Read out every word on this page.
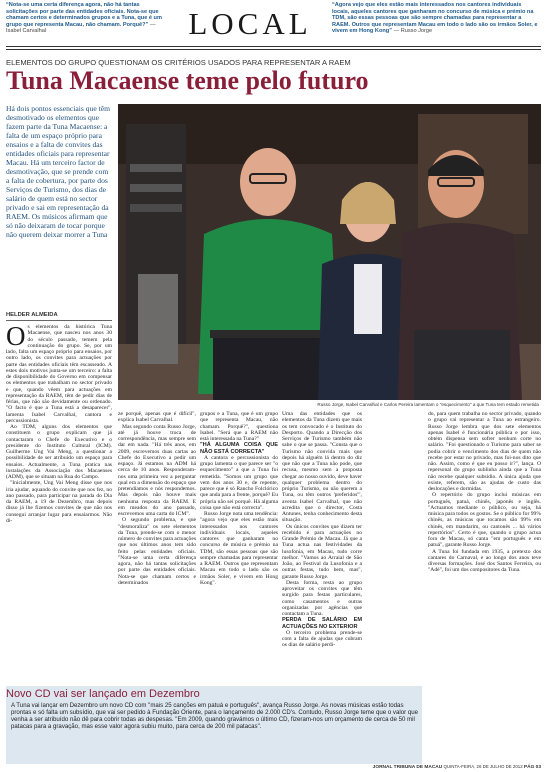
“Nota-se uma certa diferença agora, não há tantas solicitações por parte das entidades oficiais. Nota-se que chamam certos e determinados grupos e a Tuna, que é um grupo que representa Macau, não chamam. Porquê?” — Isabel Carvalhal	LOCAL
“Agora vejo que eles estão mais interessados nos cantores individuais locais, aqueles cantores que ganharam no concurso de música e prémio na TDM, são essas pessoas que são sempre chamadas para representar a RAEM. Outros que representam Macau em todo o lado são os irmãos Soler, e vivem em Hong Kong” — Russo Jorge
ELEMENTOS DO GRUPO QUESTIONAM OS CRITÉRIOS USADOS PARA REPRESENTAR A RAEM
Tuna Macaense teme pelo futuro
Há dois pontos essenciais que têm desmotivado os elementos que fazem parte da Tuna Macaense: a falta de um espaço próprio para ensaios e a falta de convites das entidades oficiais para representar Macau. Há um terceiro factor de desmotivação, que se prende com a falta de cobertura, por parte dos Serviços de Turismo, dos dias de salário de quem está no sector privado e sai em representação da RAEM. Os músicos afirmam que só não deixaram de tocar porque não querem deixar morrer a Tuna
Russo Jorge, Isabel Carvalhal e Carlos Pereira lamentam o "esquecimento" a que Tuna tem estado remetida
HELDER ALMEIDA

Os elementos da histórica Tuna Macaense, que nasceu nos anos 30 do século passado, temem pela continuação do grupo. Se, por um lado, falta um espaço próprio para ensaios, por outro lado, os convites para actuações por parte das entidades oficiais têm escasseado. A estes dois motivos junta-se um terceiro: a falta de disponibilidade do Governo em compensar os elementos que trabalham no sector privado e que, quando vêem para actuações em representação da RAEM, têm de pedir dias de férias, que não são devidamente ou ordenado. "O facto é que a Tuna está a desaparecer", lamenta Isabel Carvalhal, cantora e percussionista.

Ao TDM, alguns dos elementos que constituem o grupo explicam que já contactaram o Chefe do Executivo e o presidente do Instituto Cultural (ICM). Guilherme Ung Vai Meng, a questionar a possibilidade de ser atribuído um espaço para ensaios. Actualmente, a Tuna pratica nas instalações da Associação dos Macaenses (ADM), que se situam na Rua do Campo.

"Inicialmente, Ung Vai Meng disse que nos iria ajudar, aquando do convite que nos fez, no ano passado, para participar na parada do Dia da RAEM, a 19 de Dezembro, mas depois disso já lhe fizemos convites de que não nos consegui arranjar lugar para ensaiarmos. Não di-

ze porquê, apenas que é difícil", explica Isabel Carvalhal.

Mas segundo conta Russo Jorge, até já houve troca de correspondência, mas sempre sem dar em nada. "Há três anos, em 2009, escrevemos duas cartas ao Chefe do Executivo a pedir um espaço. Já estamos na ADM há cerca de 10 anos. Responderam-nos uma primeira vez a perguntar qual era a dimensão do espaço que pretendíamos e nós respondemos. Mas depois não houve mais nenhuma resposta da RAEM. E em meados do ano passado, escrevemos uma carta do ICM".

O segundo problema, e que "desmoraliza" os sete elementos da Tuna, prende-se com o menor número de convites para actuações que nos últimos anos tem sido feito pelas entidades oficiais. "Nota-se uma certa diferença agora, não há tantas solicitações por parte das entidades oficiais. Nota-se que chamam certos e determinados

grupos e a Tuna, que é um grupo que representa Macau, não chamam. Porquê?", questiona Isabel. "Será que a RAEM não está interessada na Tuna?"

"HÁ ALGUMA COISA QUE NÃO ESTÁ CORRECTA"

A cantora e percussionista do grupo lamenta o que parece ser "o esquecimento" a que a Tuna foi remetida. "Somos um grupo que vem dos anos 30 e, de repente, parece que é só Rancho Folclórico que anda para a frente, porquê? Eu própria não sei porquê. Há alguma coisa que não está correcta".

Russo Jorge nota uma tendência: "agora vejo que eles estão mais interessados nos cantores individuais locais, aqueles cantores que ganharam no concurso de música e prémio na TDM, são essas pessoas que são sempre chamadas para representar a RAEM. Outros que representam Macau em todo o lado são os irmãos Soler, e vivem em Hong Kong".

Uma das entidades que os elementos da Tuna dizem que mais os tem convocado é o Instituto do Desporto. Quando a Direcção dos Serviços de Turismo também não sabe o que se passa. "Consta que o Turismo não convida mais que depois há alguém lá dentro do diz que não que a Tuna não pode, que recusa, mesmo sem a proposta chegar ao nosso ouvido, deve haver qualquer problema dentro do próprio Turismo, ou não querem a Tuna, ou têm outros 'preferidos'", aventa Isabel Carvalhal, que não acredita que o director, Costa Antunes, tenha conhecimento desta situação.

Os únicos convites que dizem ter recebido é para actuações no Grande Prémio de Macau. Já que a Tuna actua nas festividades da lusofonia, em Macau, tudo corre melhor. "Vamos ao Arraial de São João, ao Festival da Lusofonia e a outras festas, tudo bem, mas", garante Russo Jorge.

Desta forma, resta ao grupo aproveitar os convites que têm surgido para festas particulares, como casamentos e outras organizadas por agências que contactam a Tuna.

PERDA DE SALÁRIO EM ACTUAÇÕES NO EXTERIOR

O terceiro problema prende-se com a falta de ajudas que cubram os dias de salário perdi-

do, para quem trabalha no sector privado, quando o grupo vai representar a Tuna ao estrangeiro. Russo Jorge lembra que dos sete elementos apenas Isabel é funcionária pública e por isso, obtém dispensa sem sofrer nenhum corte no salário. "Foi questionado o Turismo para saber se podia cobrir o vencimento dos dias de quem não recebe por estar no privado, mas foi-nos dito que não. Assim, como é que eu posso ir?", lança. O repersonal do grupo sublinha ainda que a Tuna não recebe qualquer subsídio. A única ajuda que existe, referem, são as ajudas de custo das deslocações e dormidas.

O repertório do grupo inclui músicas em português, patuá, chinês, japonês e inglês. "Actuamos mediante o público, ou seja, há música para todos os gostos. Se o público for 99% chinês, as músicas que tocamos são 99% em chinês, em mandarim, ou cantonês ... há vários repertórios". Certo é que, quando o grupo actua fora de Macau, só canta "em português e em patuá", garante Russo Jorge.

A Tuna foi fundada em 1935, a pretexto dos cantares do Carnaval, e ao longo dos anos teve diversas formações. José dos Santos Ferreira, ou "Adé", foi um dos compositores da Tuna.

Novo CD vai ser lançado em Dezembro
A Tuna vai lançar em Dezembro um novo CD com "mais 25 canções em patuá e português", avança Russo Jorge. As novas músicas estão todas prontas e só falta um subsídio, que vai ser pedido à Fundação Oriente, para o lançamento de 2.000 CD's. Contudo, Russo Jorge teme que o valor que venha a ser atribuído não dê para cobrir todas as despesas. "Em 2009, quando gravámos o último CD, fizeram-nos um orçamento de cerca de 50 mil patacas para a gravação, mas esse valor agora subiu muito, para cerca de 200 mil patacas".
JORNAL TRIBUNA DE MACAU QUINTA-FEIRA, 26 DE JULHO DE 2012 PÁG 03
